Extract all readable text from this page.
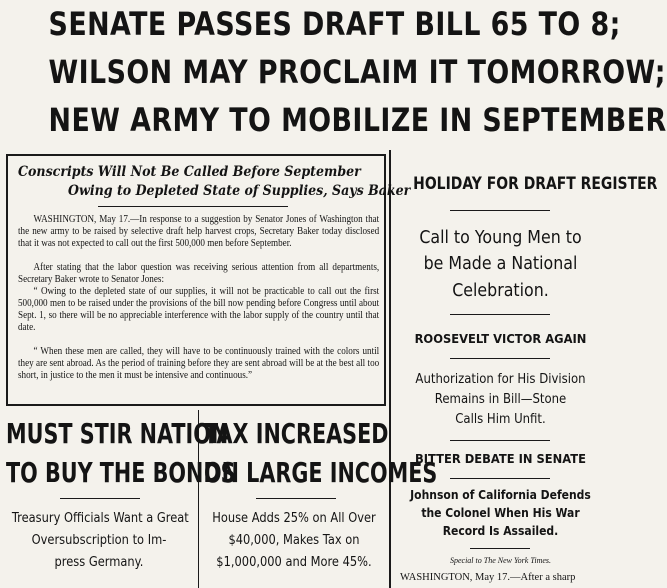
SENATE PASSES DRAFT BILL 65 TO 8;
WILSON MAY PROCLAIM IT TOMORROW;
NEW ARMY TO MOBILIZE IN SEPTEMBER
Conscripts Will Not Be Called Before September
Owing to Depleted State of Supplies, Says Baker

WASHINGTON, May 17.—In response to a suggestion by Senator Jones of Washington that the new army to be raised by selective draft help harvest crops, Secretary Baker today disclosed that it was not expected to call out the first 500,000 men before September.

After stating that the labor question was receiving serious attention from all departments, Secretary Baker wrote to Senator Jones:

“ Owing to the depleted state of our supplies, it will not be practicable to call out the first 500,000 men to be raised under the provisions of the bill now pending before Congress until about Sept. 1, so there will be no appreciable interference with the labor supply of the country until that date.

“ When these men are called, they will have to be continuously trained with the colors until they are sent abroad. As the period of training before they are sent abroad will be at the best all too short, in justice to the men it must be intensive and continuous.”

HOLIDAY FOR DRAFT REGISTER
Call to Young Men to
be Made a National
Celebration.
ROOSEVELT VICTOR AGAIN
Authorization for His Division
Remains in Bill—Stone
Calls Him Unfit.
BITTER DEBATE IN SENATE
Johnson of California Defends
the Colonel When His War
Record Is Assailed.
Special to The New York Times.
WASHINGTON, May 17.—After a sharp
MUST STIR NATION
TO BUY THE BONDS
Treasury Officials Want a Great
Oversubscription to Im-
press Germany.
TAX INCREASED
ON LARGE INCOMES
House Adds 25% on All Over
$40,000, Makes Tax on
$1,000,000 and More 45%.
